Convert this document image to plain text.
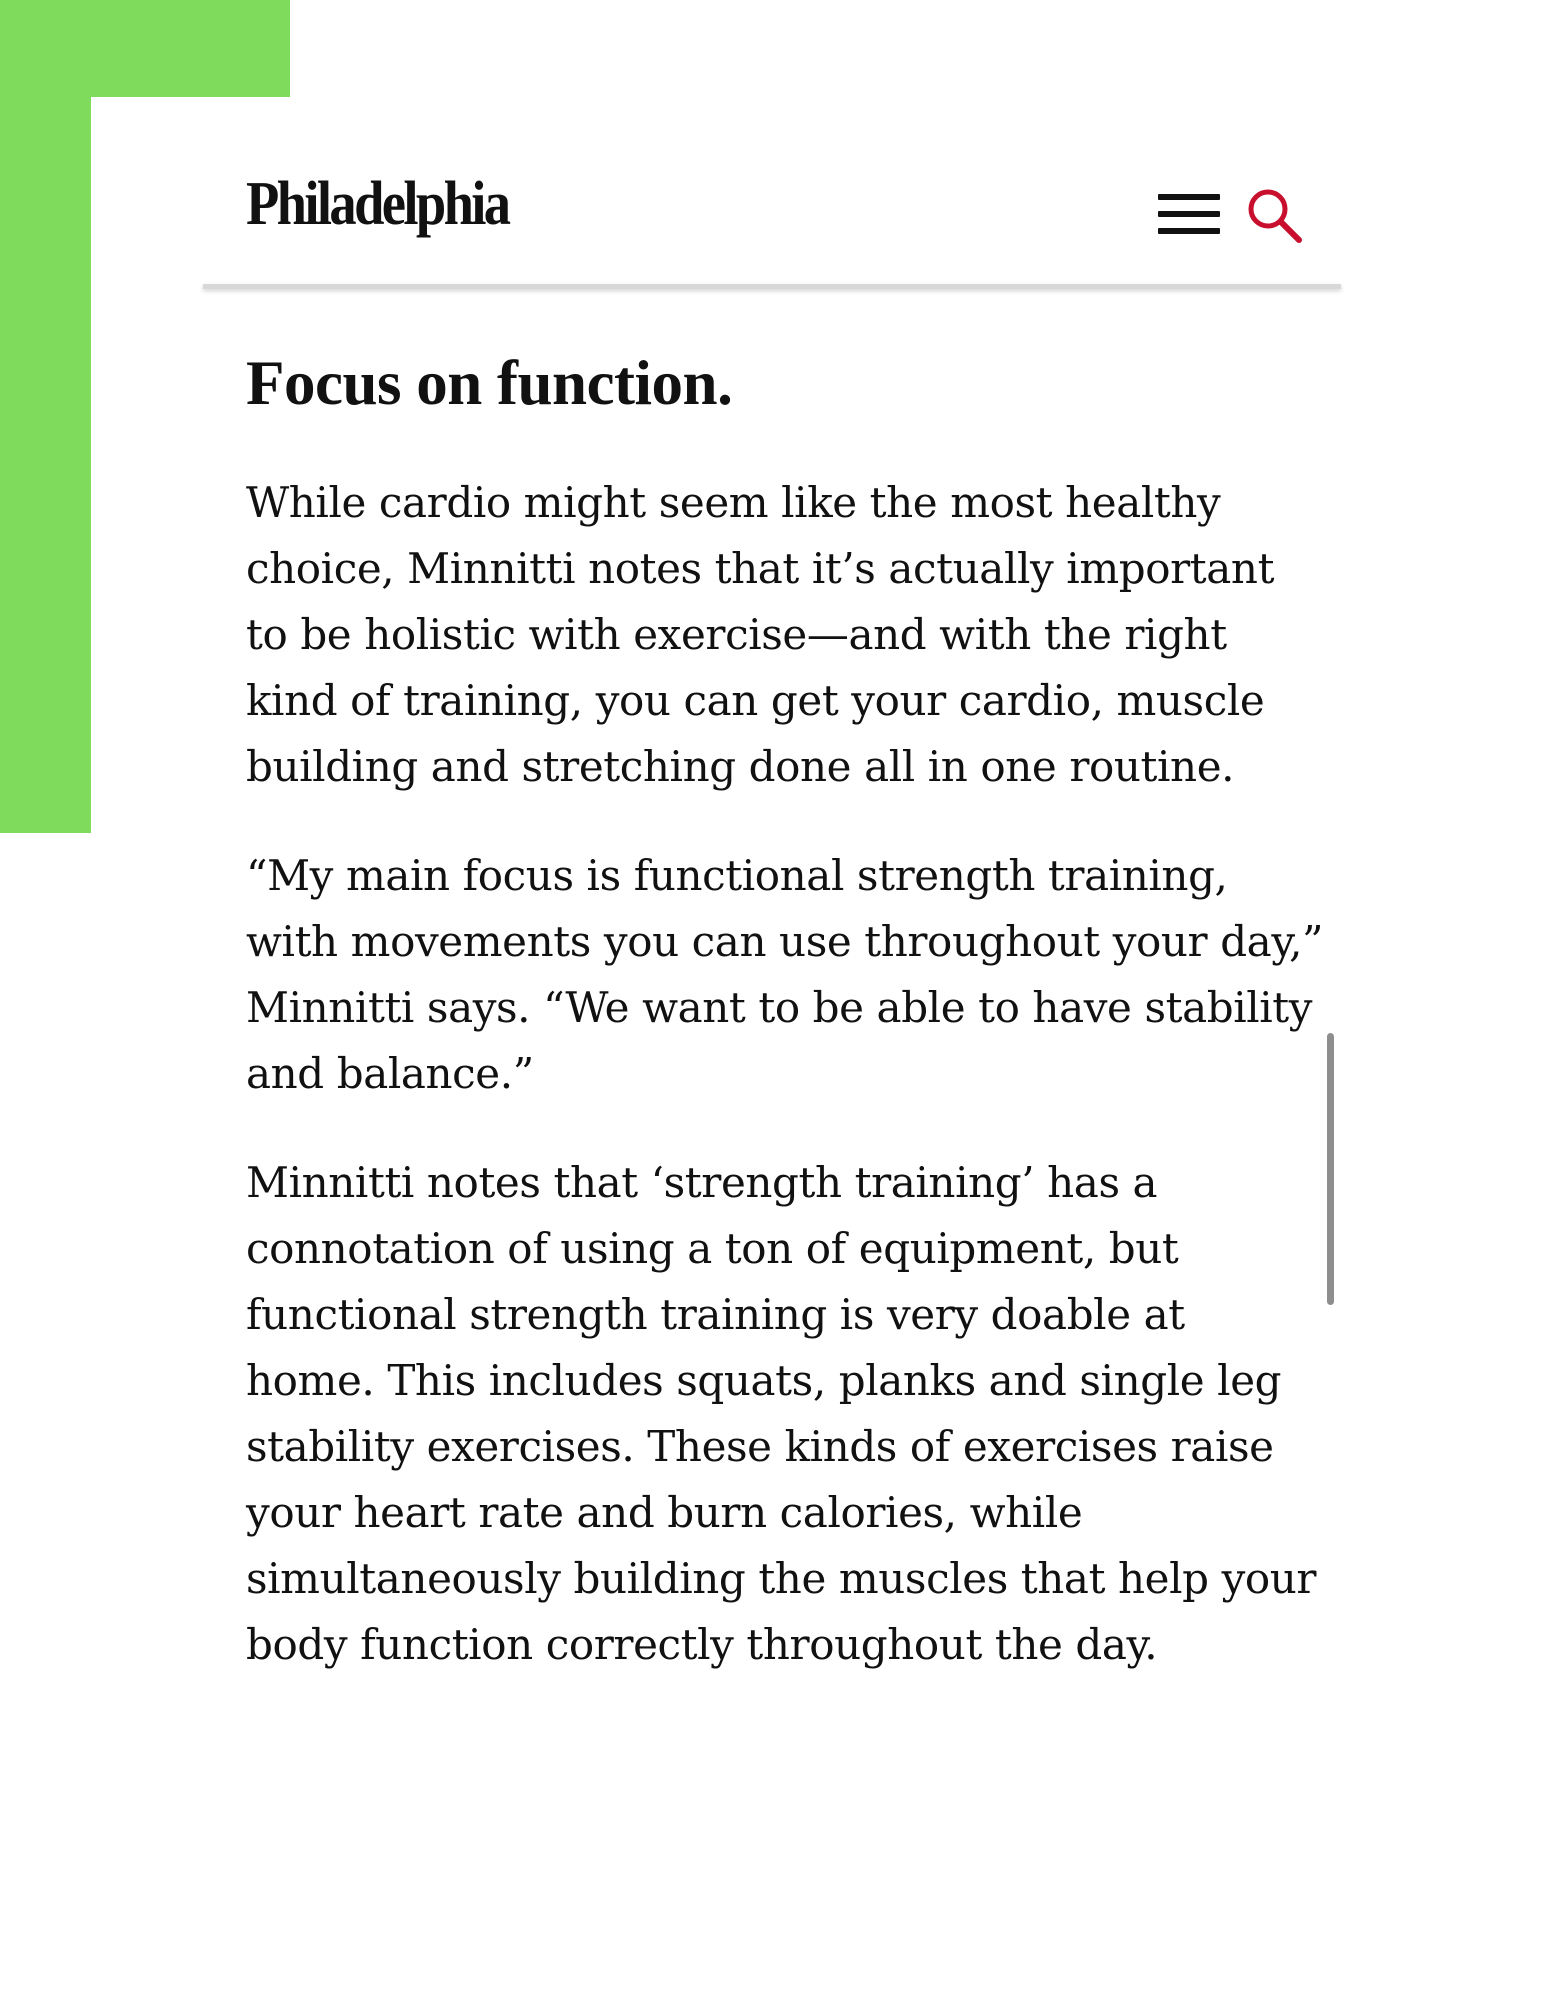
Philadelphia
Focus on function.

While cardio might seem like the most healthy choice, Minnitti notes that it’s actually important to be holistic with exercise—and with the right kind of training, you can get your cardio, muscle building and stretching done all in one routine.

“My main focus is functional strength training, with movements you can use throughout your day,” Minnitti says. “We want to be able to have stability and balance.”

Minnitti notes that ‘strength training’ has a connotation of using a ton of equipment, but functional strength training is very doable at home. This includes squats, planks and single leg stability exercises. These kinds of exercises raise your heart rate and burn calories, while simultaneously building the muscles that help your body function correctly throughout the day.
